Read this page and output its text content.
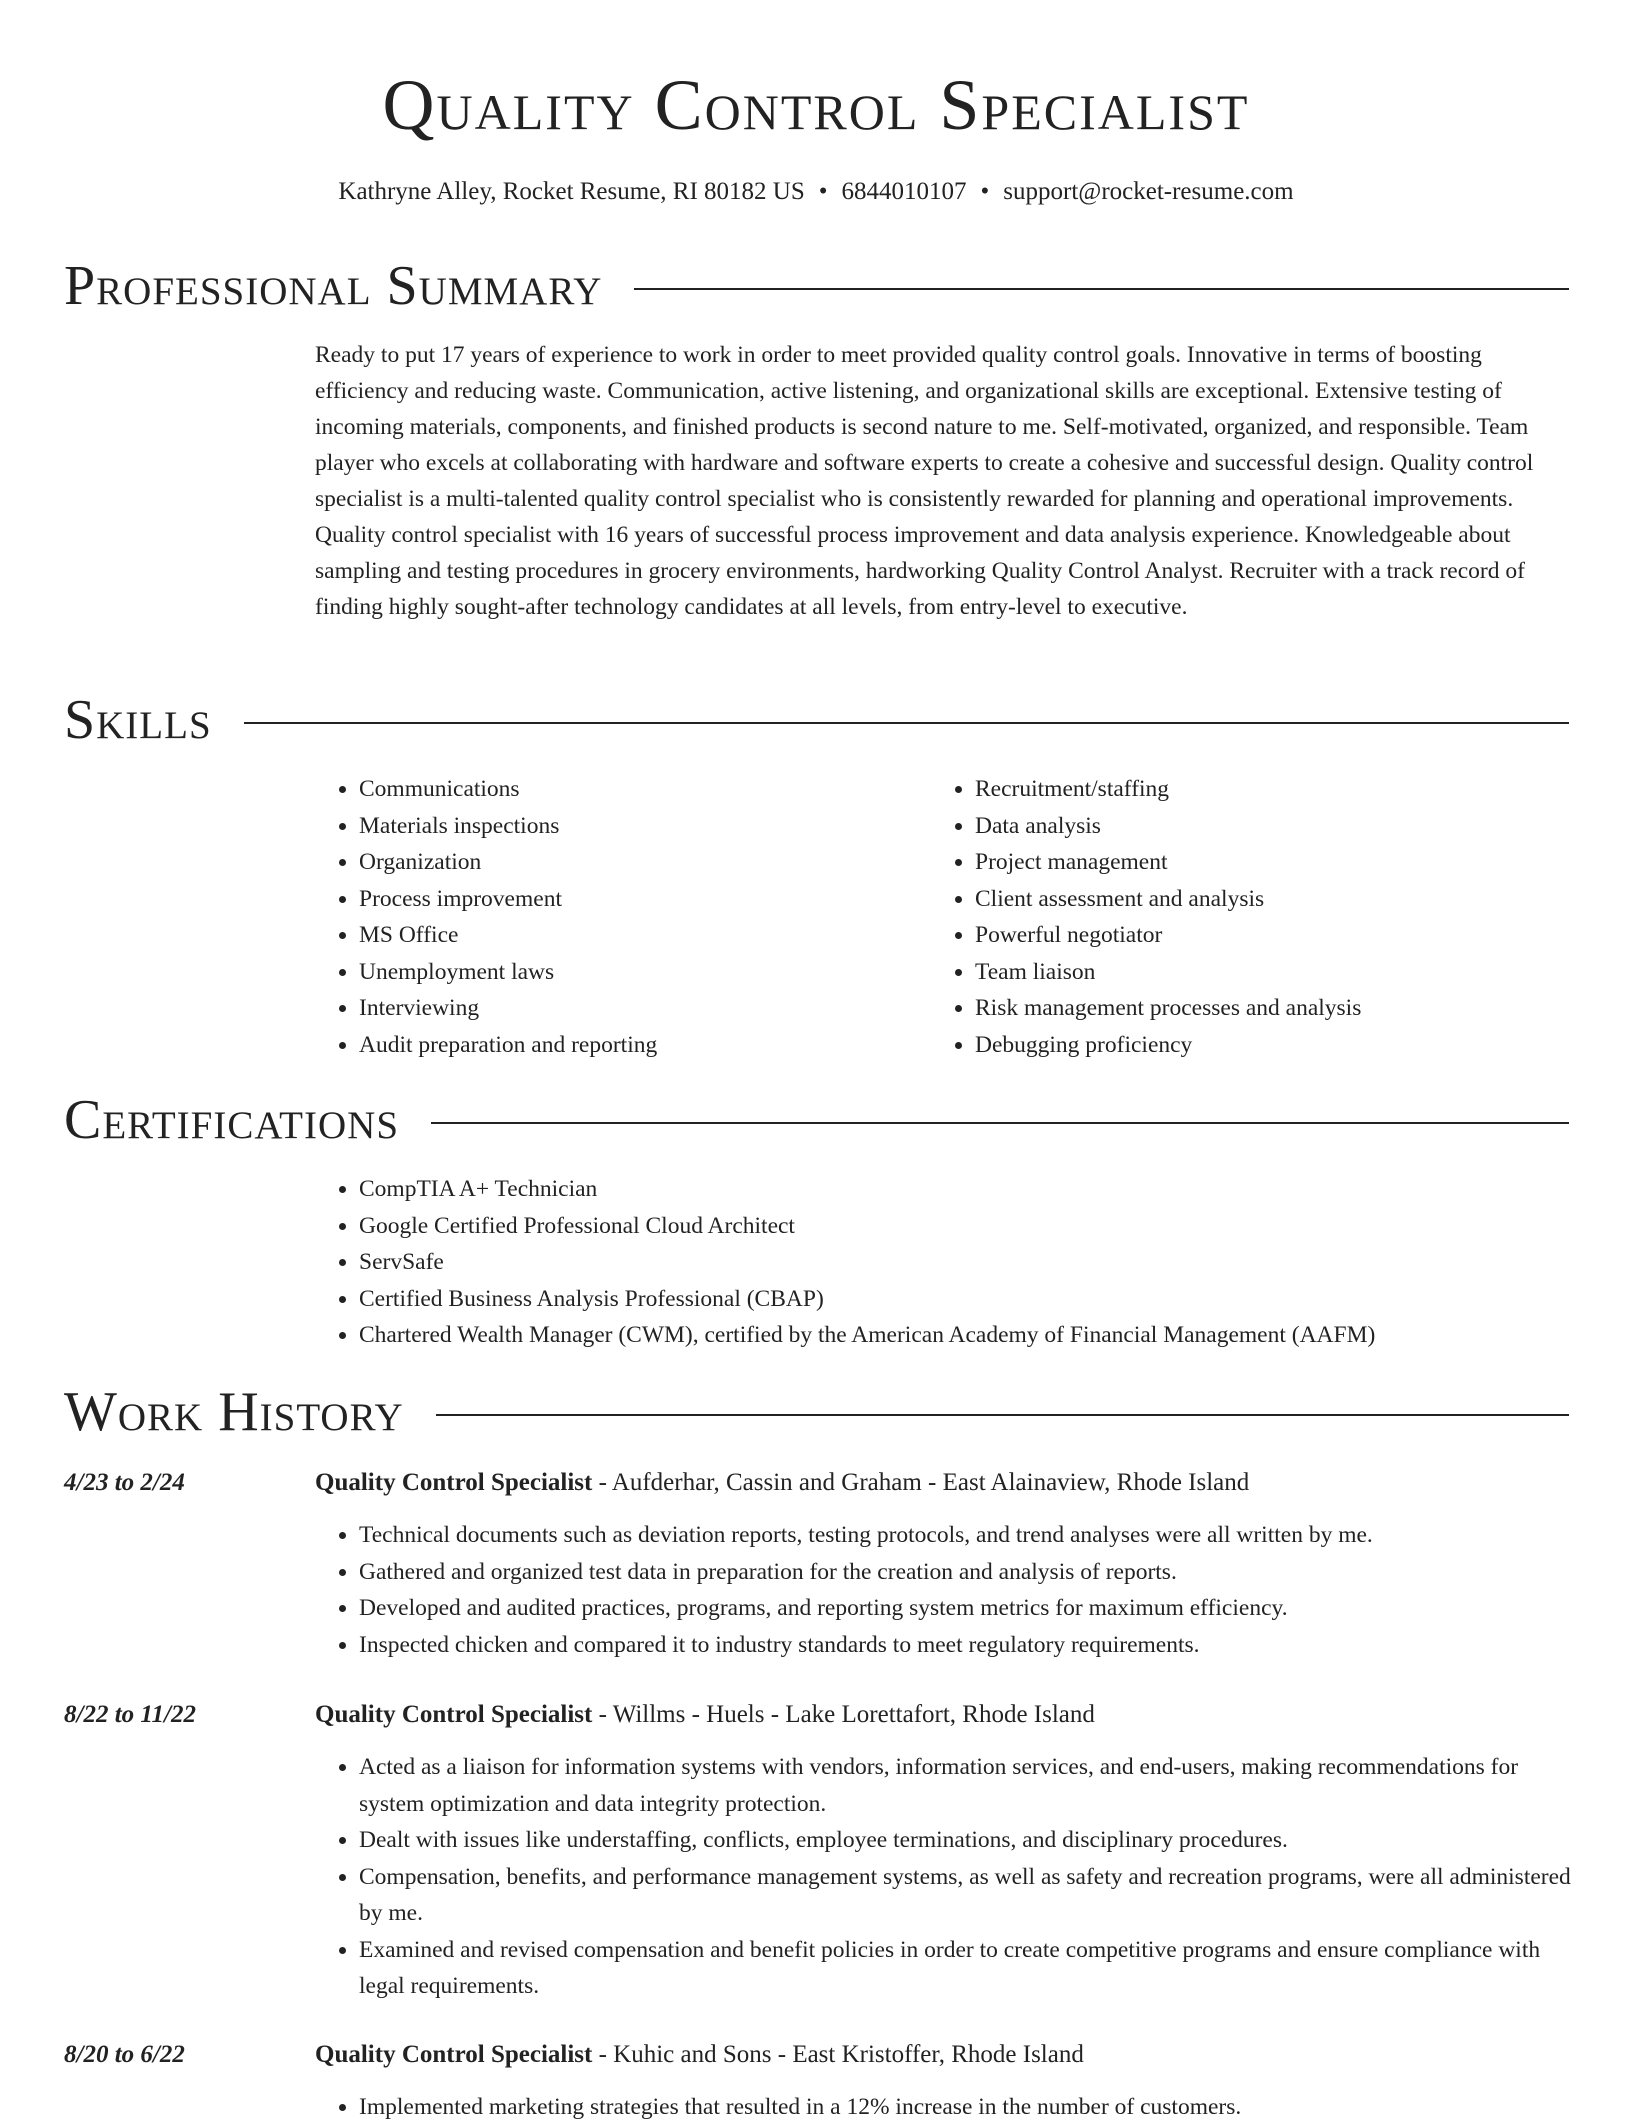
Quality Control Specialist
Kathryne Alley, Rocket Resume, RI 80182 US • 6844010107 • support@rocket-resume.com
Professional Summary

Ready to put 17 years of experience to work in order to meet provided quality control goals. Innovative in terms of boosting efficiency and reducing waste. Communication, active listening, and organizational skills are exceptional. Extensive testing of incoming materials, components, and finished products is second nature to me. Self-motivated, organized, and responsible. Team player who excels at collaborating with hardware and software experts to create a cohesive and successful design. Quality control specialist is a multi-talented quality control specialist who is consistently rewarded for planning and operational improvements. Quality control specialist with 16 years of successful process improvement and data analysis experience. Knowledgeable about sampling and testing procedures in grocery environments, hardworking Quality Control Analyst. Recruiter with a track record of finding highly sought-after technology candidates at all levels, from entry-level to executive.

Skills
• Communications
• Materials inspections
• Organization
• Process improvement
• MS Office
• Unemployment laws
• Interviewing
• Audit preparation and reporting
• Recruitment/staffing
• Data analysis
• Project management
• Client assessment and analysis
• Powerful negotiator
• Team liaison
• Risk management processes and analysis
• Debugging proficiency
Certifications
• CompTIA A+ Technician
• Google Certified Professional Cloud Architect
• ServSafe
• Certified Business Analysis Professional (CBAP)
• Chartered Wealth Manager (CWM), certified by the American Academy of Financial Management (AAFM)
Work History
4/23 to 2/24	Quality Control Specialist - Aufderhar, Cassin and Graham - East Alainaview, Rhode Island
• Technical documents such as deviation reports, testing protocols, and trend analyses were all written by me.
• Gathered and organized test data in preparation for the creation and analysis of reports.
• Developed and audited practices, programs, and reporting system metrics for maximum efficiency.
• Inspected chicken and compared it to industry standards to meet regulatory requirements.
8/22 to 11/22	Quality Control Specialist - Willms - Huels - Lake Lorettafort, Rhode Island
• Acted as a liaison for information systems with vendors, information services, and end-users, making recommendations for system optimization and data integrity protection.
• Dealt with issues like understaffing, conflicts, employee terminations, and disciplinary procedures.
• Compensation, benefits, and performance management systems, as well as safety and recreation programs, were all administered by me.
• Examined and revised compensation and benefit policies in order to create competitive programs and ensure compliance with legal requirements.
8/20 to 6/22	Quality Control Specialist - Kuhic and Sons - East Kristoffer, Rhode Island
• Implemented marketing strategies that resulted in a 12% increase in the number of customers.
